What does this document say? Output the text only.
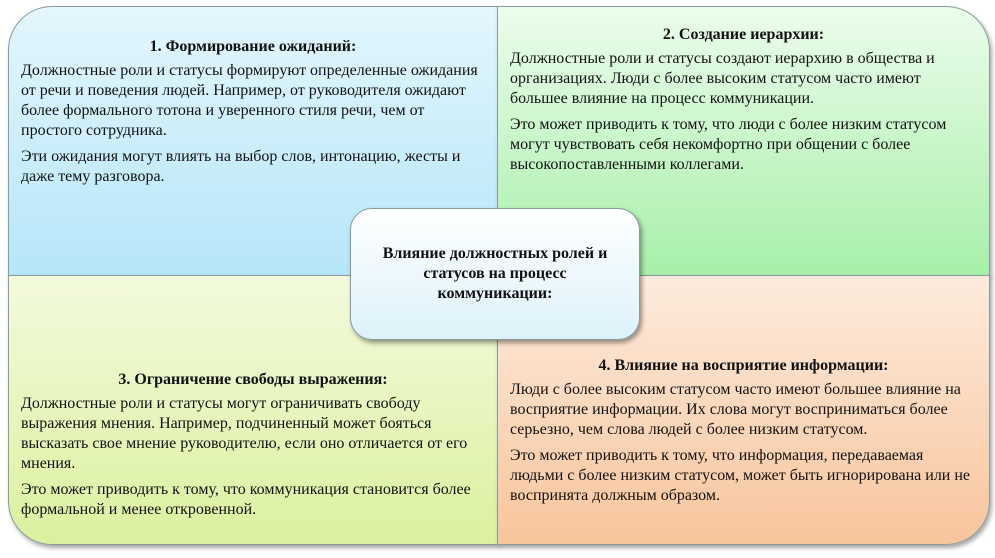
1. Формирование ожиданий:

Должностные роли и статусы формируют определенные ожидания от речи и поведения людей. Например, от руководителя ожидают более формального тотона и уверенного стиля речи, чем от простого сотрудника.

Эти ожидания могут влиять на выбор слов, интонацию, жесты и даже тему разговора.

2. Создание иерархии:

Должностные роли и статусы создают иерархию в общества и организациях. Люди с более высоким статусом часто имеют большее влияние на процесс коммуникации.

Это может приводить к тому, что люди с более низким статусом могут чувствовать себя некомфортно при общении с более высокопоставленными коллегами.

3. Ограничение свободы выражения:

Должностные роли и статусы могут ограничивать свободу выражения мнения. Например, подчиненный может бояться высказать свое мнение руководителю, если оно отличается от его мнения.

Это может приводить к тому, что коммуникация становится более формальной и менее откровенной.

4. Влияние на восприятие информации:

Люди с более высоким статусом часто имеют большее влияние на восприятие информации. Их слова могут восприниматься более серьезно, чем слова людей с более низким статусом.

Это может приводить к тому, что информация, передаваемая людьми с более низким статусом, может быть игнорирована или не воспринята должным образом.

Влияние должностных ролей и статусов на процесс коммуникации:
